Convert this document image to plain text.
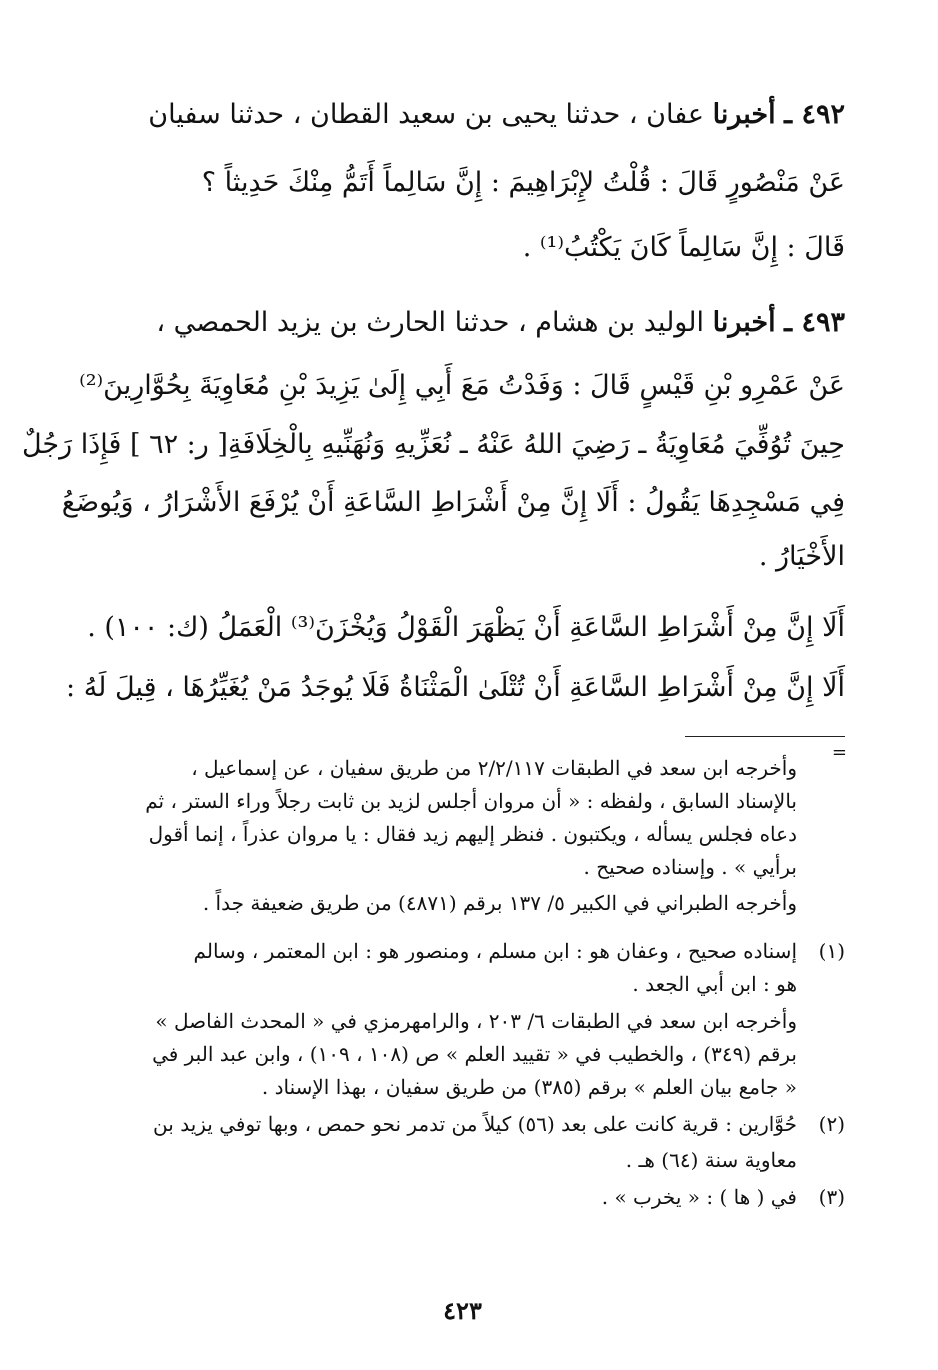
٤٩٢ ـ أخبرنا عفان ، حدثنا يحيى بن سعيد القطان ، حدثنا سفيان
عَنْ مَنْصُورٍ قَالَ : قُلْتُ لإِبْرَاهِيمَ : إِنَّ سَالِماً أَتَمُّ مِنْكَ حَدِيثاً ؟
قَالَ : إِنَّ سَالِماً كَانَ يَكْتُبُ⁽¹⁾ .
٤٩٣ ـ أخبرنا الوليد بن هشام ، حدثنا الحارث بن يزيد الحمصي ،
عَنْ عَمْرِو بْنِ قَيْسٍ قَالَ : وَفَدْتُ مَعَ أَبِي إِلَىٰ يَزِيدَ بْنِ مُعَاوِيَةَ بِحُوَّارِينَ⁽²⁾
حِينَ تُوُفِّيَ مُعَاوِيَةُ ـ رَضِيَ اللهُ عَنْهُ ـ نُعَزِّيهِ وَنُهَنِّيهِ بِالْخِلَافَةِ[ ر: ٦٢ ] فَإِذَا رَجُلٌ
فِي مَسْجِدِهَا يَقُولُ : أَلَا إِنَّ مِنْ أَشْرَاطِ السَّاعَةِ أَنْ يُرْفَعَ الأَشْرَارُ ، وَيُوضَعُ
الأَخْيَارُ .
أَلَا إِنَّ مِنْ أَشْرَاطِ السَّاعَةِ أَنْ يَظْهَرَ الْقَوْلُ وَيُخْزَنَ⁽³⁾ الْعَمَلُ (ك: ١٠٠) .
أَلَا إِنَّ مِنْ أَشْرَاطِ السَّاعَةِ أَنْ تُتْلَىٰ الْمَثْنَاةُ فَلَا يُوجَدُ مَنْ يُغَيِّرُهَا ، قِيلَ لَهُ :
=
وأخرجه ابن سعد في الطبقات ٢/٢/١١٧ من طريق سفيان ، عن إسماعيل ،
بالإسناد السابق ، ولفظه : « أن مروان أجلس لزيد بن ثابت رجلاً وراء الستر ، ثم
دعاه فجلس يسأله ، ويكتبون . فنظر إليهم زيد فقال : يا مروان عذراً ، إنما أقول
برأيي » . وإسناده صحيح .
وأخرجه الطبراني في الكبير ٥/ ١٣٧ برقم (٤٨٧١) من طريق ضعيفة جداً .
(١)
إسناده صحيح ، وعفان هو : ابن مسلم ، ومنصور هو : ابن المعتمر ، وسالم
هو : ابن أبي الجعد .
وأخرجه ابن سعد في الطبقات ٦/ ٢٠٣ ، والرامهرمزي في « المحدث الفاصل »
برقم (٣٤٩) ، والخطيب في « تقييد العلم » ص (١٠٨ ، ١٠٩) ، وابن عبد البر في
« جامع بيان العلم » برقم (٣٨٥) من طريق سفيان ، بهذا الإسناد .
(٢)
حُوَّارين : قرية كانت على بعد (٥٦) كيلاً من تدمر نحو حمص ، وبها توفي يزيد بن
معاوية سنة (٦٤) هـ .
(٣)
في ( ها ) : « يخرب » .
٤٢٣
